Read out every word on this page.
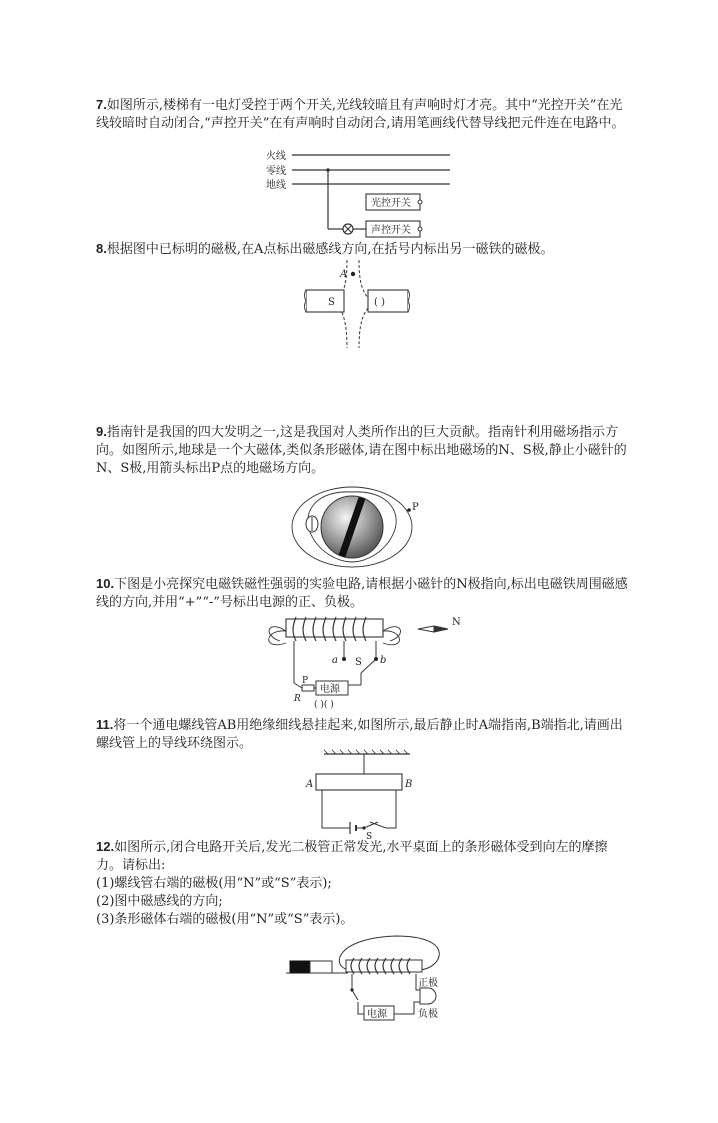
7.如图所示,楼梯有一电灯受控于两个开关,光线较暗且有声响时灯才亮。其中“光控开关”在光线较暗时自动闭合,“声控开关”在有声响时自动闭合,请用笔画线代替导线把元件连在电路中。

火线
零线
地线
光控开关
声控开关

8.根据图中已标明的磁极,在A点标出磁感线方向,在括号内标出另一磁铁的磁极。

A
S	( )

9.指南针是我国的四大发明之一,这是我国对人类所作出的巨大贡献。指南针利用磁场指示方向。如图所示,地球是一个大磁体,类似条形磁体,请在图中标出地磁场的N、S极,静止小磁针的N、S极,用箭头标出P点的地磁场方向。

P

10.下图是小亮探究电磁铁磁性强弱的实验电路,请根据小磁针的N极指向,标出电磁铁周围磁感线的方向,并用“+”“-”号标出电源的正、负极。

N
a	b
S
电源
( )( )
P
R

11.将一个通电螺线管AB用绝缘细线悬挂起来,如图所示,最后静止时A端指南,B端指北,请画出螺线管上的导线环绕图示。

A	B
S

12.如图所示,闭合电路开关后,发光二极管正常发光,水平桌面上的条形磁体受到向左的摩擦力。请标出:

(1)螺线管右端的磁极(用“N”或“S”表示);

(2)图中磁感线的方向;

(3)条形磁体右端的磁极(用“N”或“S”表示)。

电源
正极
负极
